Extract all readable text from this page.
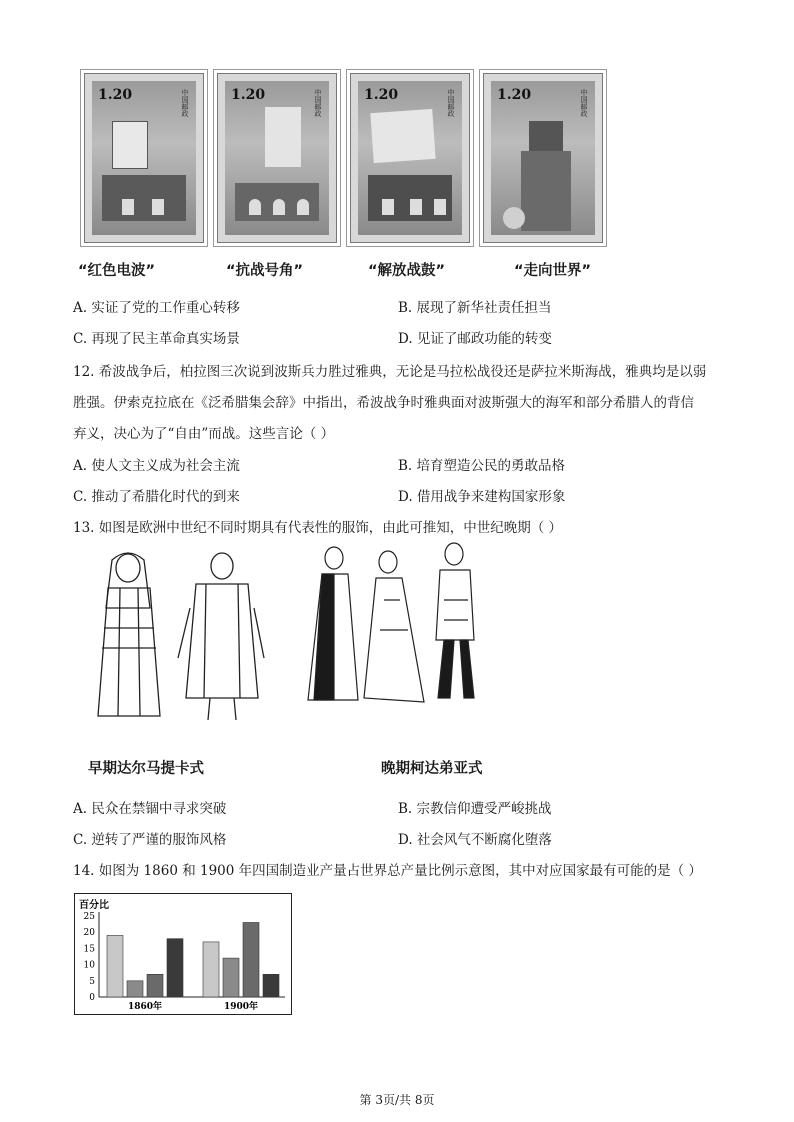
1.20	中国邮政	1.20	中国邮政	1.20	中国邮政	1.20	中国邮政
“红色电波”	“抗战号角”	“解放战鼓”	“走向世界”
A. 实证了党的工作重心转移	B. 展现了新华社责任担当
C. 再现了民主革命真实场景	D. 见证了邮政功能的转变
12. 希波战争后，柏拉图三次说到波斯兵力胜过雅典，无论是马拉松战役还是萨拉米斯海战，雅典均是以弱
胜强。伊索克拉底在《泛希腊集会辞》中指出，希波战争时雅典面对波斯强大的海军和部分希腊人的背信
弃义，决心为了“自由”而战。这些言论（ ）
A. 使人文主义成为社会主流	B. 培育塑造公民的勇敢品格
C. 推动了希腊化时代的到来	D. 借用战争来建构国家形象
13. 如图是欧洲中世纪不同时期具有代表性的服饰，由此可推知，中世纪晚期（ ）
早期达尔马提卡式	晚期柯达弟亚式
A. 民众在禁锢中寻求突破	B. 宗教信仰遭受严峻挑战
C. 逆转了严谨的服饰风格	D. 社会风气不断腐化堕落
14. 如图为 1860 和 1900 年四国制造业产量占世界总产量比例示意图，其中对应国家最有可能的是（ ）
百分比
0
5
10
15
20
25
1860年	1900年
第 3页/共 8页
